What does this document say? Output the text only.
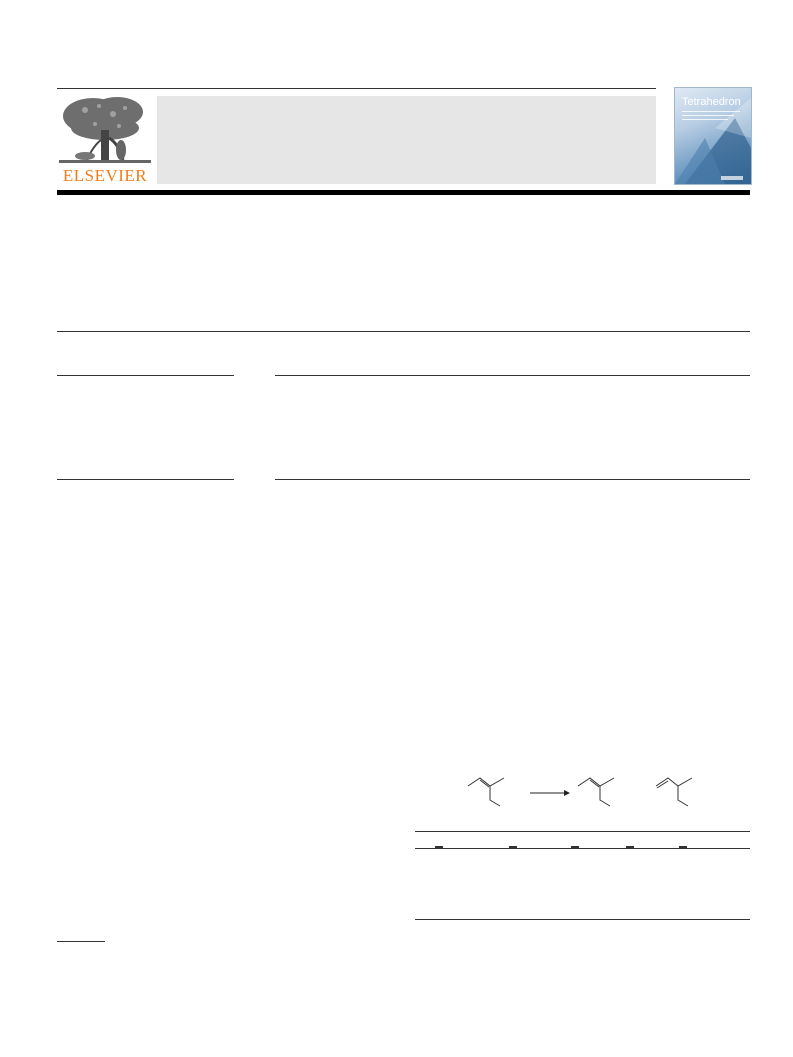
ELSEVIER
Tetrahedron
